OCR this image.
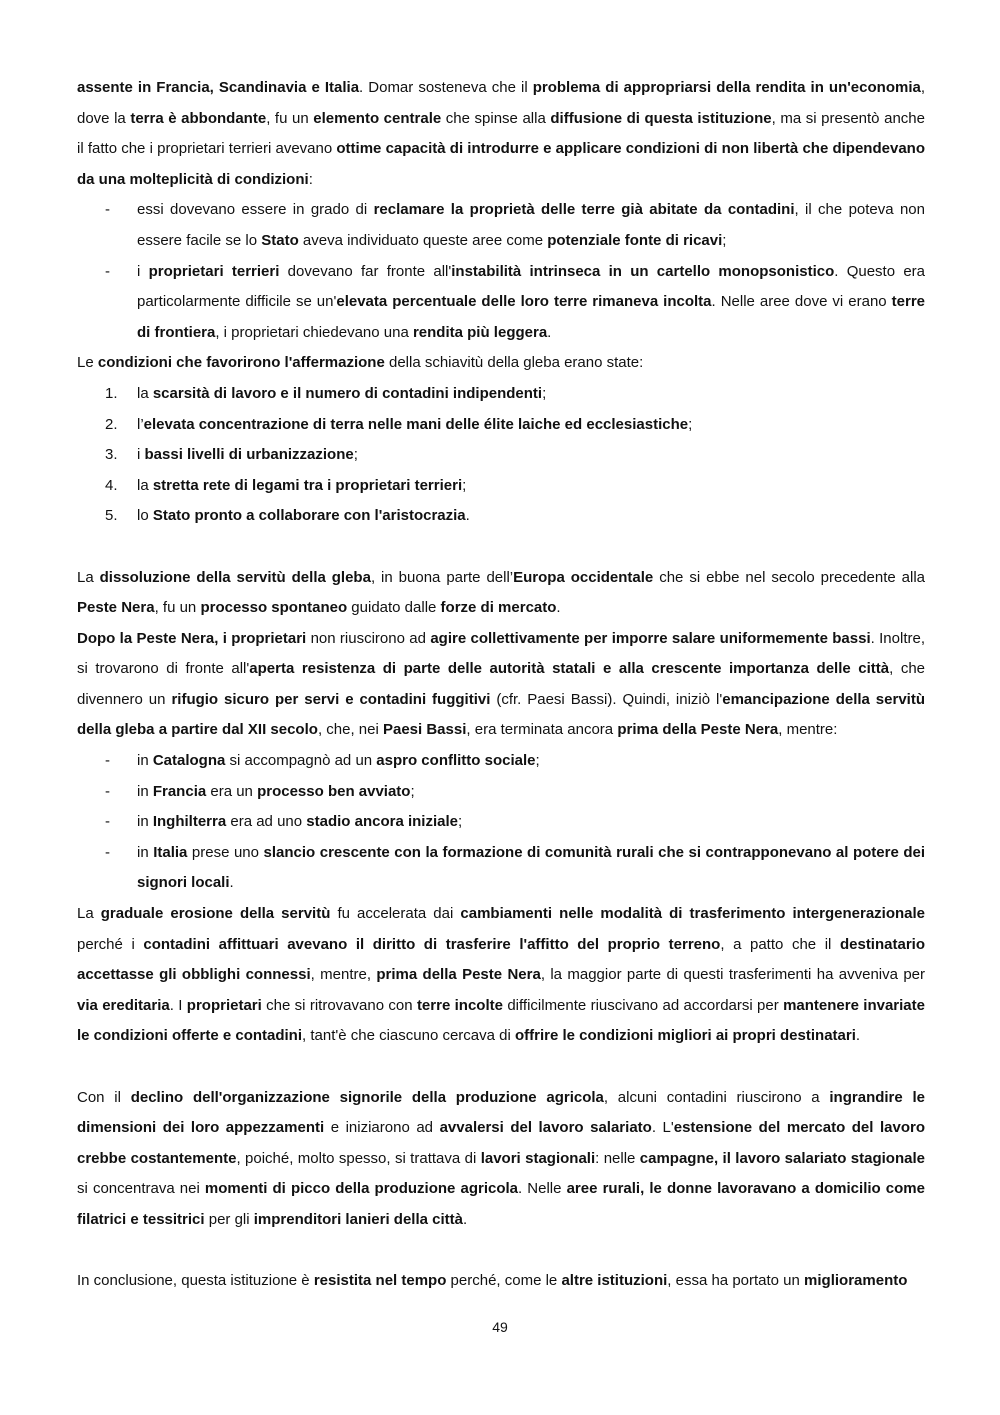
assente in Francia, Scandinavia e Italia. Domar sosteneva che il problema di appropriarsi della rendita in un'economia, dove la terra è abbondante, fu un elemento centrale che spinse alla diffusione di questa istituzione, ma si presentò anche il fatto che i proprietari terrieri avevano ottime capacità di introdurre e applicare condizioni di non libertà che dipendevano da una molteplicità di condizioni:

-	essi dovevano essere in grado di reclamare la proprietà delle terre già abitate da contadini, il che poteva non essere facile se lo Stato aveva individuato queste aree come potenziale fonte di ricavi;
-	i proprietari terrieri dovevano far fronte all'instabilità intrinseca in un cartello monopsonistico. Questo era particolarmente difficile se un'elevata percentuale delle loro terre rimaneva incolta. Nelle aree dove vi erano terre di frontiera, i proprietari chiedevano una rendita più leggera.

Le condizioni che favorirono l'affermazione della schiavitù della gleba erano state:

1.	la scarsità di lavoro e il numero di contadini indipendenti;
2.	l’elevata concentrazione di terra nelle mani delle élite laiche ed ecclesiastiche;
3.	i bassi livelli di urbanizzazione;
4.	la stretta rete di legami tra i proprietari terrieri;
5.	lo Stato pronto a collaborare con l'aristocrazia.

La dissoluzione della servitù della gleba, in buona parte dell’Europa occidentale che si ebbe nel secolo precedente alla Peste Nera, fu un processo spontaneo guidato dalle forze di mercato.

Dopo la Peste Nera, i proprietari non riuscirono ad agire collettivamente per imporre salare uniformemente bassi. Inoltre, si trovarono di fronte all'aperta resistenza di parte delle autorità statali e alla crescente importanza delle città, che divennero un rifugio sicuro per servi e contadini fuggitivi (cfr. Paesi Bassi). Quindi, iniziò l'emancipazione della servitù della gleba a partire dal XII secolo, che, nei Paesi Bassi, era terminata ancora prima della Peste Nera, mentre:

-	in Catalogna si accompagnò ad un aspro conflitto sociale;
-	in Francia era un processo ben avviato;
-	in Inghilterra era ad uno stadio ancora iniziale;
-	in Italia prese uno slancio crescente con la formazione di comunità rurali che si contrapponevano al potere dei signori locali.

La graduale erosione della servitù fu accelerata dai cambiamenti nelle modalità di trasferimento intergenerazionale perché i contadini affittuari avevano il diritto di trasferire l'affitto del proprio terreno, a patto che il destinatario accettasse gli obblighi connessi, mentre, prima della Peste Nera, la maggior parte di questi trasferimenti ha avveniva per via ereditaria. I proprietari che si ritrovavano con terre incolte difficilmente riuscivano ad accordarsi per mantenere invariate le condizioni offerte e contadini, tant'è che ciascuno cercava di offrire le condizioni migliori ai propri destinatari.

Con il declino dell'organizzazione signorile della produzione agricola, alcuni contadini riuscirono a ingrandire le dimensioni dei loro appezzamenti e iniziarono ad avvalersi del lavoro salariato. L'estensione del mercato del lavoro crebbe costantemente, poiché, molto spesso, si trattava di lavori stagionali: nelle campagne, il lavoro salariato stagionale si concentrava nei momenti di picco della produzione agricola. Nelle aree rurali, le donne lavoravano a domicilio come filatrici e tessitrici per gli imprenditori lanieri della città.

In conclusione, questa istituzione è resistita nel tempo perché, come le altre istituzioni, essa ha portato un miglioramento

49
